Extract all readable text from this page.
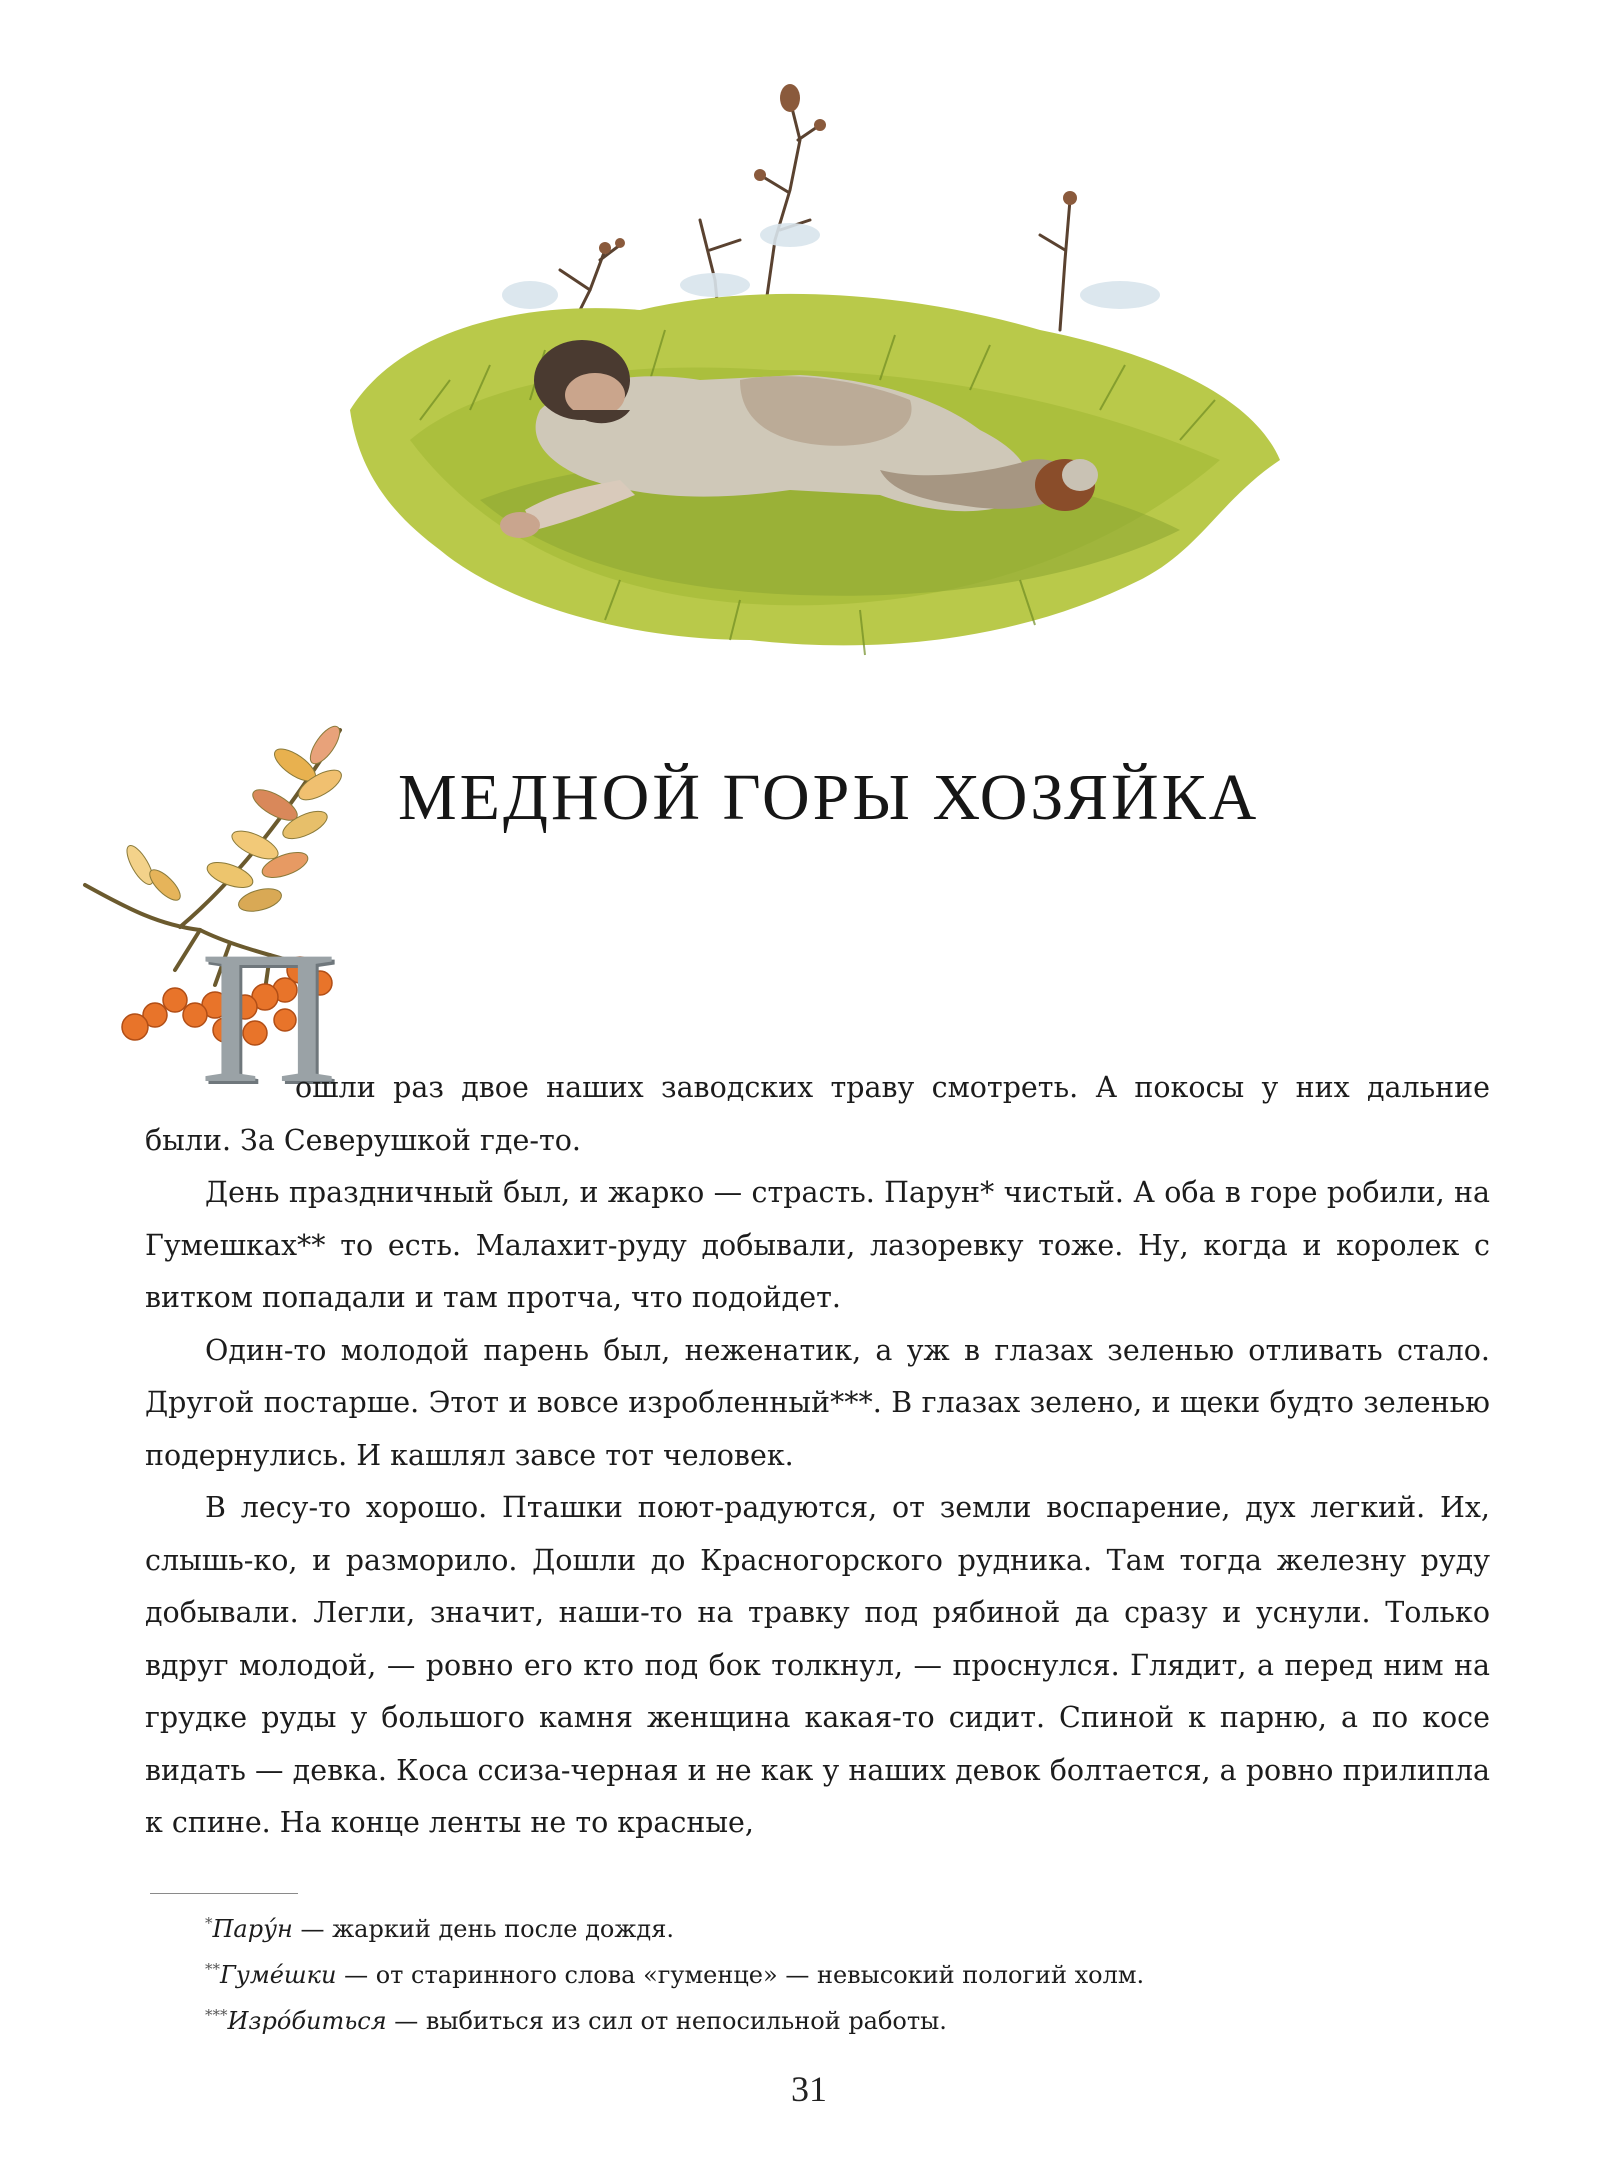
МЕДНОЙ ГОРЫ ХОЗЯЙКА
П

ошли раз двое наших заводских траву смотреть. А покосы у них дальние были. За Северушкой где-то.

День праздничный был, и жарко — страсть. Парун* чистый. А оба в горе робили, на Гумешках** то есть. Малахит-руду добывали, лазоревку тоже. Ну, когда и королек с витком попадали и там протча, что подойдет.

Один-то молодой парень был, неженатик, а уж в глазах зеленью отливать стало. Другой постарше. Этот и вовсе изробленный***. В глазах зелено, и щеки будто зеленью подернулись. И кашлял завсе тот человек.

В лесу-то хорошо. Пташки поют-радуются, от земли воспарение, дух легкий. Их, слышь-ко, и разморило. Дошли до Красногорского рудника. Там тогда железну руду добывали. Легли, значит, наши-то на травку под рябиной да сразу и уснули. Только вдруг молодой, — ровно его кто под бок толкнул, — проснулся. Глядит, а перед ним на грудке руды у большого камня женщина какая-то сидит. Спиной к парню, а по косе видать — девка. Коса ссиза-черная и не как у наших девок болтается, а ровно прилипла к спине. На конце ленты не то красные,

*Пару́н — жаркий день после дождя.
**Гуме́шки — от старинного слова «гуменце» — невысокий пологий холм.
***Изро́биться — выбиться из сил от непосильной работы.
31
